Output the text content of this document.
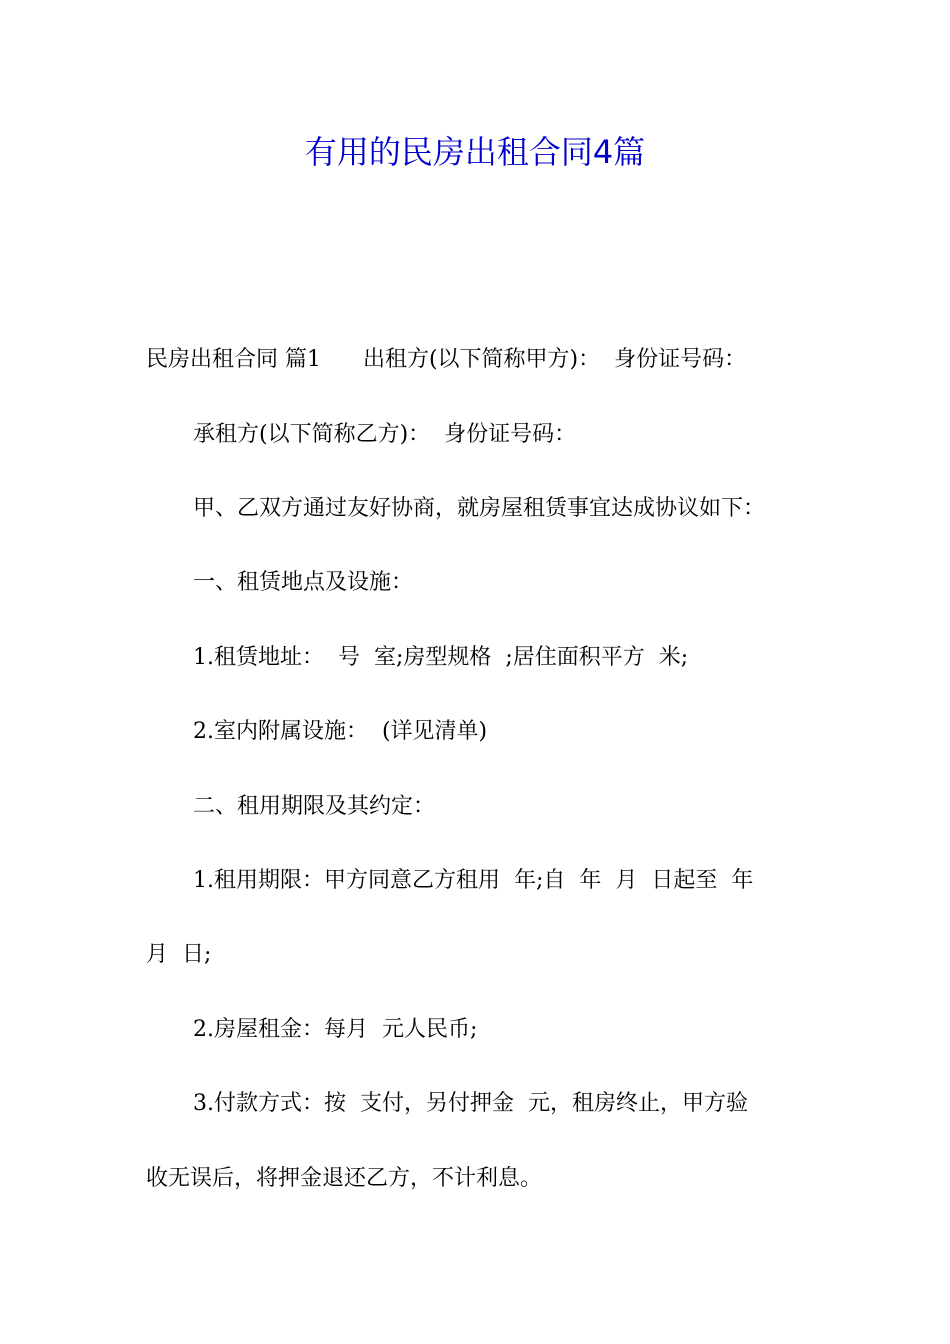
有用的民房出租合同4篇
民房出租合同 篇1      出租方(以下简称甲方)：  身份证号码：
承租方(以下简称乙方)：  身份证号码：
甲、乙双方通过友好协商，就房屋租赁事宜达成协议如下：
一、租赁地点及设施：
1.租赁地址：  号  室;房型规格  ;居住面积平方  米;
2.室内附属设施：  (详见清单)
二、租用期限及其约定：
1.租用期限：甲方同意乙方租用  年;自  年  月  日起至  年
月  日;
2.房屋租金：每月  元人民币;
3.付款方式：按  支付，另付押金  元，租房终止，甲方验
收无误后，将押金退还乙方，不计利息。
